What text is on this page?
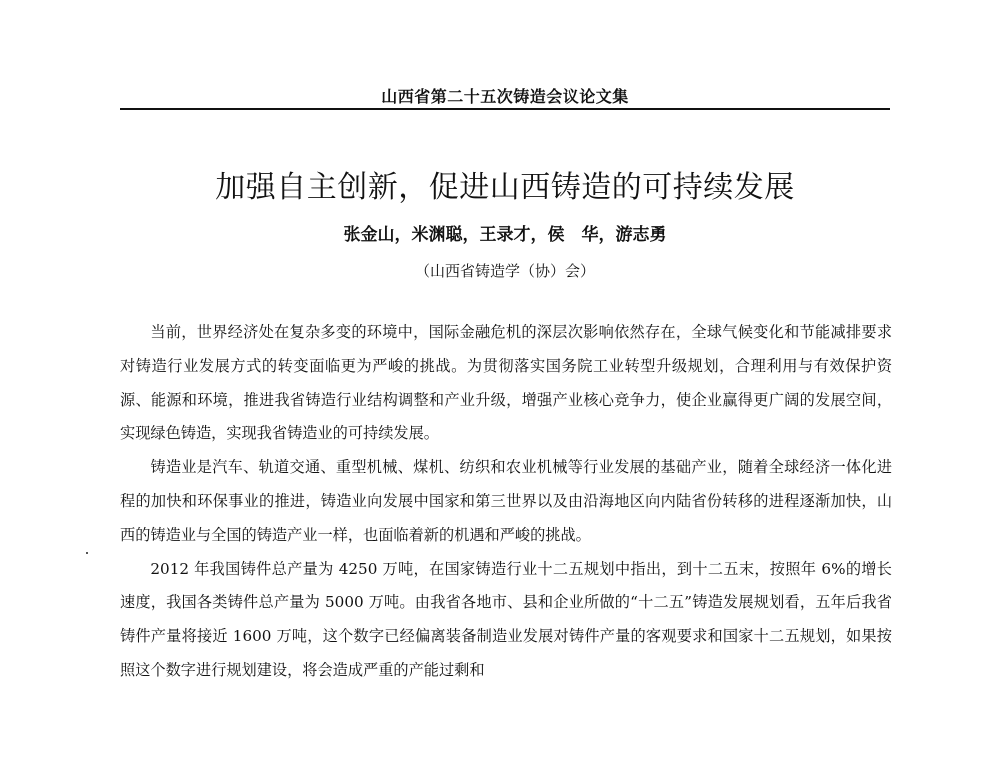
山西省第二十五次铸造会议论文集
加强自主创新，促进山西铸造的可持续发展
张金山，米渊聪，王录才，侯　华，游志勇
（山西省铸造学（协）会）

当前，世界经济处在复杂多变的环境中，国际金融危机的深层次影响依然存在，全球气候变化和节能减排要求对铸造行业发展方式的转变面临更为严峻的挑战。为贯彻落实国务院工业转型升级规划，合理利用与有效保护资源、能源和环境，推进我省铸造行业结构调整和产业升级，增强产业核心竞争力，使企业赢得更广阔的发展空间，实现绿色铸造，实现我省铸造业的可持续发展。

铸造业是汽车、轨道交通、重型机械、煤机、纺织和农业机械等行业发展的基础产业，随着全球经济一体化进程的加快和环保事业的推进，铸造业向发展中国家和第三世界以及由沿海地区向内陆省份转移的进程逐渐加快，山西的铸造业与全国的铸造产业一样，也面临着新的机遇和严峻的挑战。

2012 年我国铸件总产量为 4250 万吨，在国家铸造行业十二五规划中指出，到十二五末，按照年 6%的增长速度，我国各类铸件总产量为 5000 万吨。由我省各地市、县和企业所做的“十二五”铸造发展规划看，五年后我省铸件产量将接近 1600 万吨，这个数字已经偏离装备制造业发展对铸件产量的客观要求和国家十二五规划，如果按照这个数字进行规划建设，将会造成严重的产能过剩和
